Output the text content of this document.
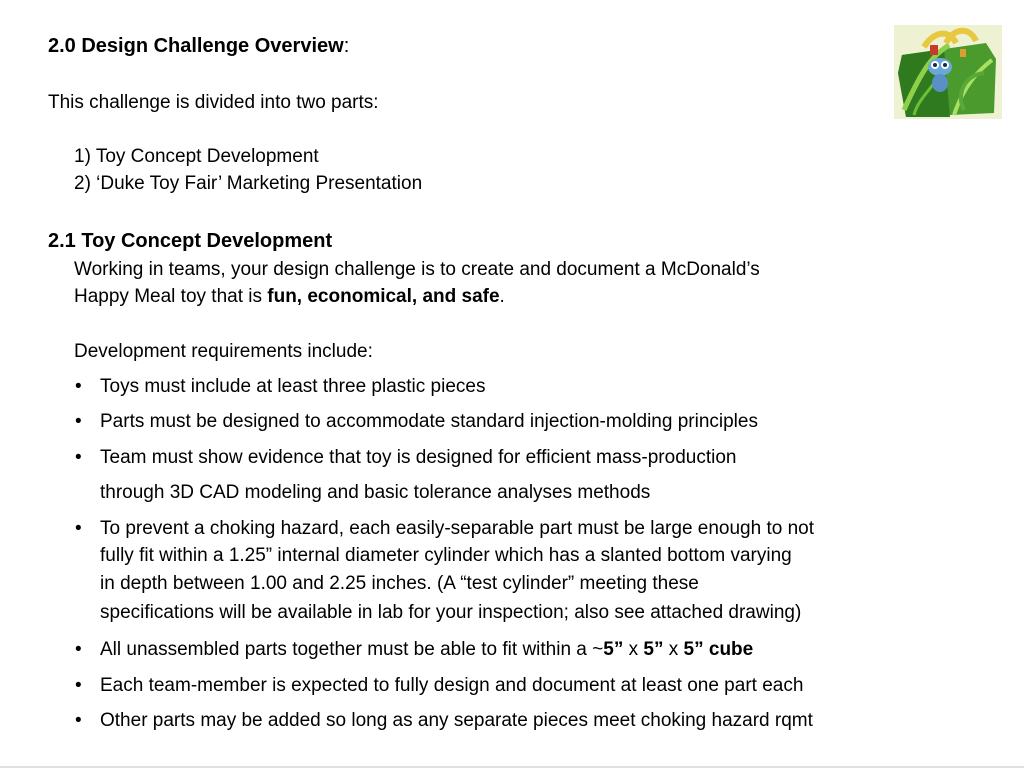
2.0 Design Challenge Overview:
This challenge is divided into two parts:
1) Toy Concept Development
2) ‘Duke Toy Fair’ Marketing Presentation
2.1 Toy Concept Development
Working in teams, your design challenge is to create and document a McDonald’s
Happy Meal toy that is fun, economical, and safe.
Development requirements include:
• Toys must include at least three plastic pieces
• Parts must be designed to accommodate standard injection-molding principles
• Team must show evidence that toy is designed for efficient mass-production
through 3D CAD modeling and basic tolerance analyses methods
• To prevent a choking hazard, each easily-separable part must be large enough to not
fully fit within a 1.25” internal diameter cylinder which has a slanted bottom varying
in depth between 1.00 and 2.25 inches. (A “test cylinder” meeting these
specifications will be available in lab for your inspection; also see attached drawing)
• All unassembled parts together must be able to fit within a ~5” x 5” x 5” cube
• Each team-member is expected to fully design and document at least one part each
• Other parts may be added so long as any separate pieces meet choking hazard rqmt
